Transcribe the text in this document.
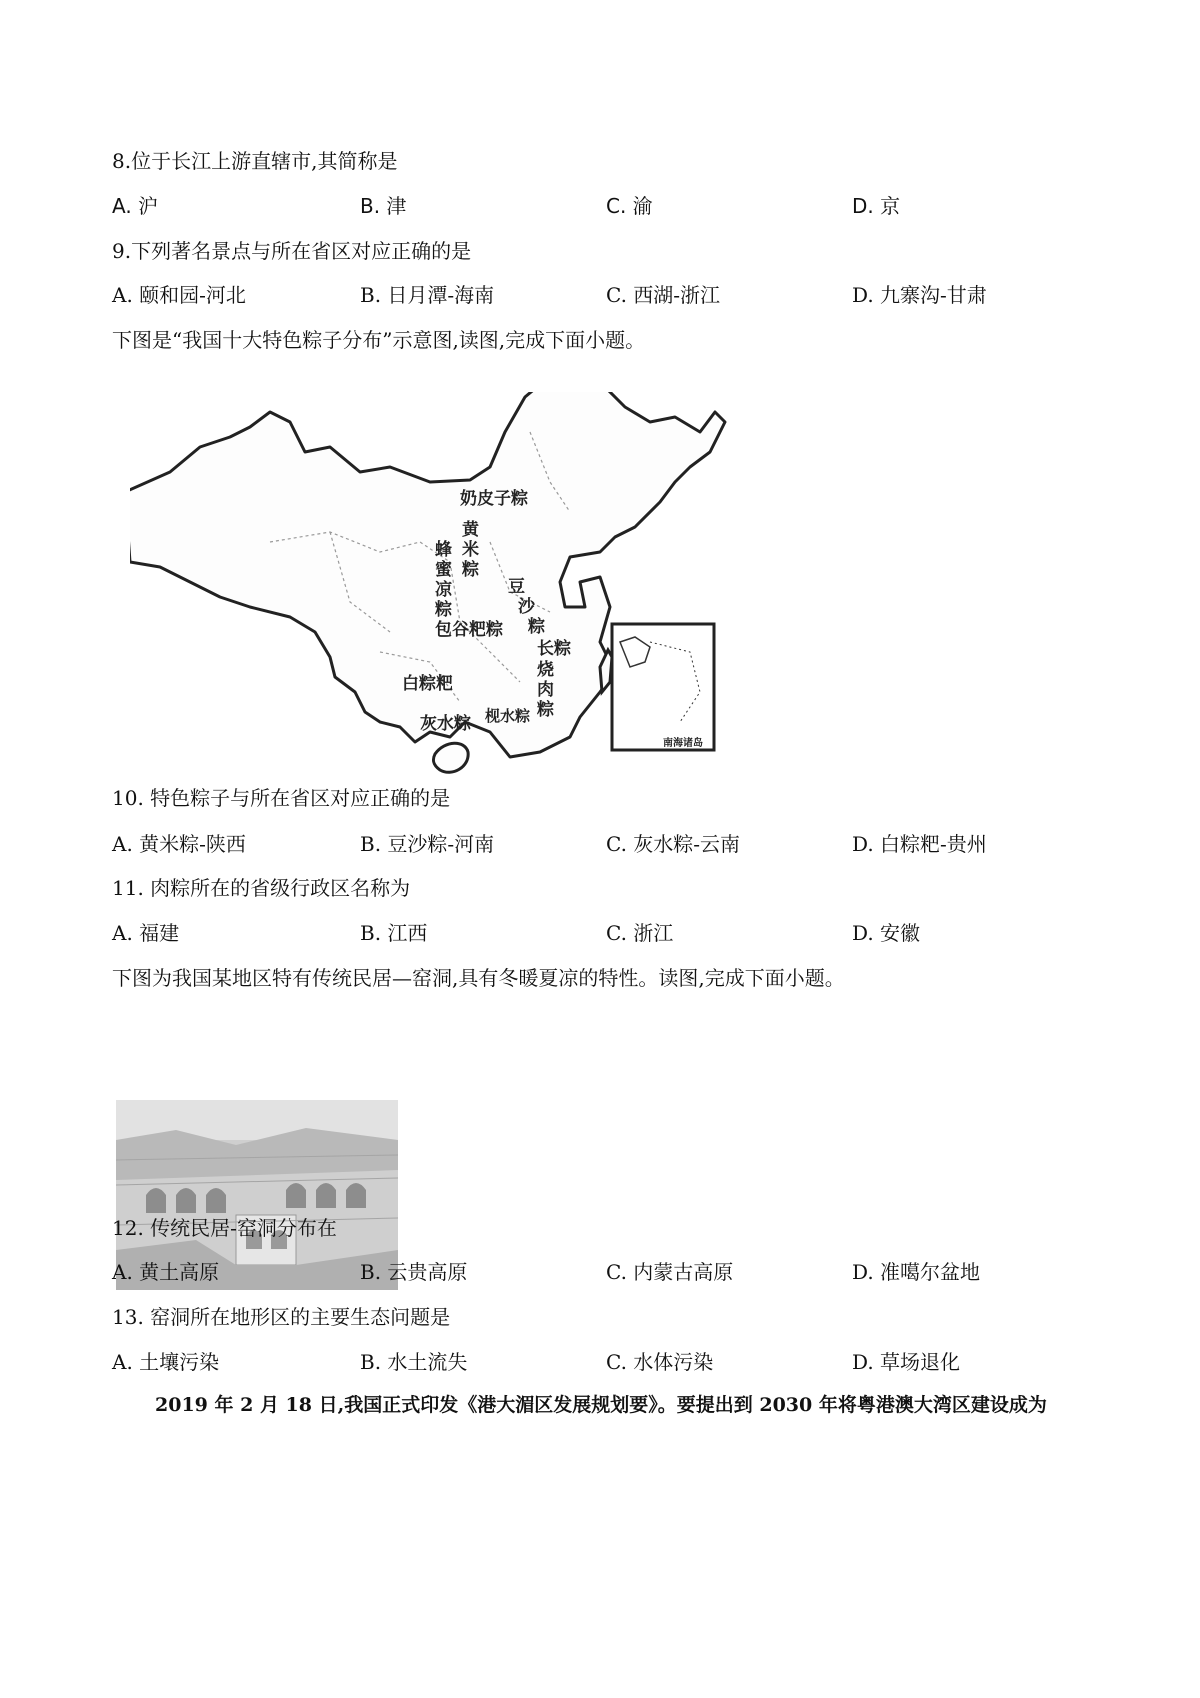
8.位于长江上游直辖市,其简称是
A. 沪	B. 津	C. 渝	D. 京
9.下列著名景点与所在省区对应正确的是
A. 颐和园-河北	B. 日月潭-海南	C. 西湖-浙江	D. 九寨沟-甘肃
下图是“我国十大特色粽子分布”示意图,读图,完成下面小题。
奶皮子粽
黄
米
粽
蜂
蜜
凉
粽
豆
沙
粽
包谷粑粽
长粽
烧
肉
粽
白粽粑
灰水粽 枧水粽
南海诸岛
10. 特色粽子与所在省区对应正确的是
A. 黄米粽-陕西	B. 豆沙粽-河南	C. 灰水粽-云南	D. 白粽粑-贵州
11. 肉粽所在的省级行政区名称为
A. 福建	B. 江西	C. 浙江	D. 安徽
下图为我国某地区特有传统民居—窑洞,具有冬暖夏凉的特性。读图,完成下面小题。
12. 传统民居-窑洞分布在
A. 黄土高原	B. 云贵高原	C. 内蒙古高原	D. 准噶尔盆地
13. 窑洞所在地形区的主要生态问题是
A. 土壤污染	B. 水土流失	C. 水体污染	D. 草场退化
2019 年 2 月 18 日,我国正式印发《港大湄区发展规划要》。要提出到 2030 年将粤港澳大湾区建设成为
